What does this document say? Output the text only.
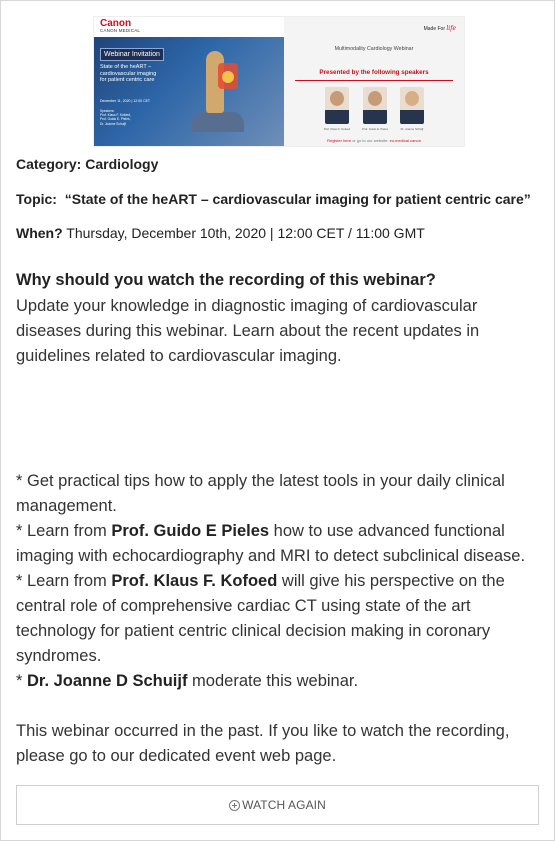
Canon
CANON MEDICAL
Webinar Invitation
State of the heART –
cardiovascular imaging
for patient centric care
December 11, 2020 | 12:00 CET
Speakers:
Prof. Klaus F. Kofoed,
Prof. Guido E. Pieles,
Dr. Joanne Schuijf
Made For life
Multimodality Cardiology Webinar
Presented by the following speakers
Prof. Klaus F. Kofoed	Prof. Guido E. Pieles	Dr. Joanne Schuijf
Register here or go to our website: eu.medical.canon
Category: Cardiology
Topic: “State of the heART – cardiovascular imaging for patient centric care”
When? Thursday, December 10th, 2020 | 12:00 CET / 11:00 GMT
Why should you watch the recording of this webinar?
Update your knowledge in diagnostic imaging of cardiovascular diseases during this webinar. Learn about the recent updates in guidelines related to cardiovascular imaging.
* Get practical tips how to apply the latest tools in your daily clinical management.
* Learn from Prof. Guido E Pieles how to use advanced functional imaging with echocardiography and MRI to detect subclinical disease.
* Learn from Prof. Klaus F. Kofoed will give his perspective on the central role of comprehensive cardiac CT using state of the art technology for patient centric clinical decision making in coronary syndromes.
* Dr. Joanne D Schuijf moderate this webinar.
This webinar occurred in the past. If you like to watch the recording, please go to our dedicated event web page.
WATCH AGAIN
